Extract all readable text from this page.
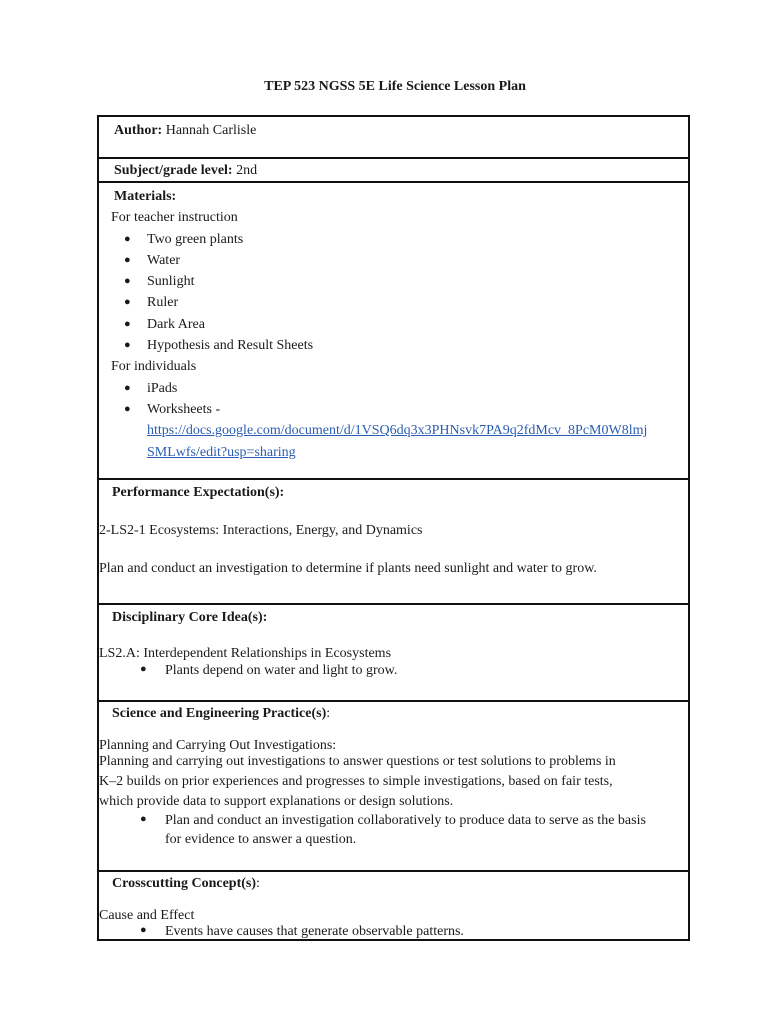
TEP 523 NGSS 5E Life Science Lesson Plan
Author: Hannah Carlisle
Subject/grade level: 2nd
Materials:
For teacher instruction
● Two green plants
● Water
● Sunlight
● Ruler
● Dark Area
● Hypothesis and Result Sheets
For individuals
● iPads
● Worksheets -
https://docs.google.com/document/d/1VSQ6dq3x3PHNsvk7PA9q2fdMcv_8PcM0W8lmj
SMLwfs/edit?usp=sharing
Performance Expectation(s):
2-LS2-1 Ecosystems: Interactions, Energy, and Dynamics
Plan and conduct an investigation to determine if plants need sunlight and water to grow.
Disciplinary Core Idea(s):
LS2.A: Interdependent Relationships in Ecosystems
● Plants depend on water and light to grow.
Science and Engineering Practice(s):
Planning and Carrying Out Investigations:
Planning and carrying out investigations to answer questions or test solutions to problems in
K–2 builds on prior experiences and progresses to simple investigations, based on fair tests,
which provide data to support explanations or design solutions.
● Plan and conduct an investigation collaboratively to produce data to serve as the basis
for evidence to answer a question.
Crosscutting Concept(s):
Cause and Effect
● Events have causes that generate observable patterns.
